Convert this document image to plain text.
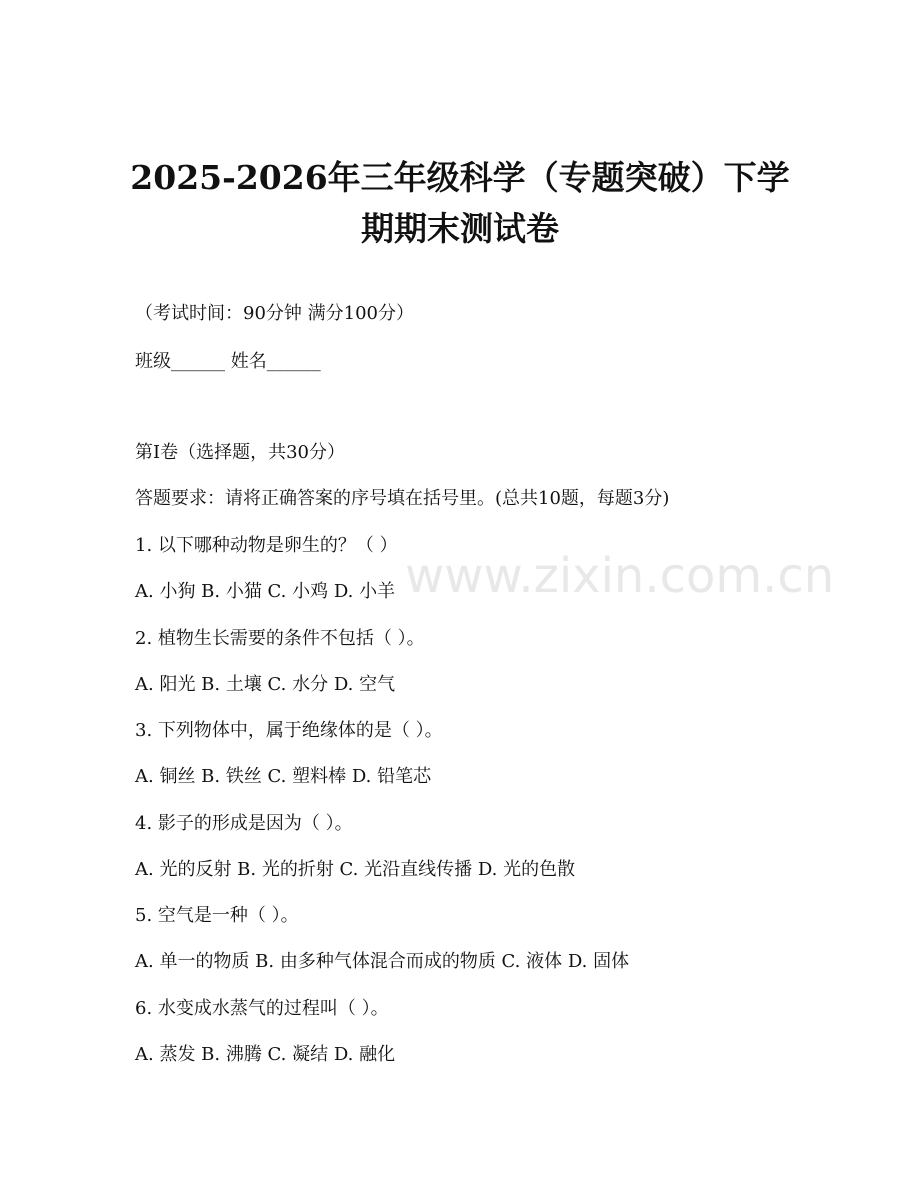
2025-2026年三年级科学（专题突破）下学
期期末测试卷
（考试时间：90分钟 满分100分）
班级______ 姓名______
第I卷（选择题，共30分）
答题要求：请将正确答案的序号填在括号里。(总共10题，每题3分)
1. 以下哪种动物是卵生的？（ ）
A. 小狗 B. 小猫 C. 小鸡 D. 小羊
2. 植物生长需要的条件不包括（ ）。
A. 阳光 B. 土壤 C. 水分 D. 空气
3. 下列物体中，属于绝缘体的是（ ）。
A. 铜丝 B. 铁丝 C. 塑料棒 D. 铅笔芯
4. 影子的形成是因为（ ）。
A. 光的反射 B. 光的折射 C. 光沿直线传播 D. 光的色散
5. 空气是一种（ ）。
A. 单一的物质 B. 由多种气体混合而成的物质 C. 液体 D. 固体
6. 水变成水蒸气的过程叫（ ）。
A. 蒸发 B. 沸腾 C. 凝结 D. 融化
www.zixin.com.cn
